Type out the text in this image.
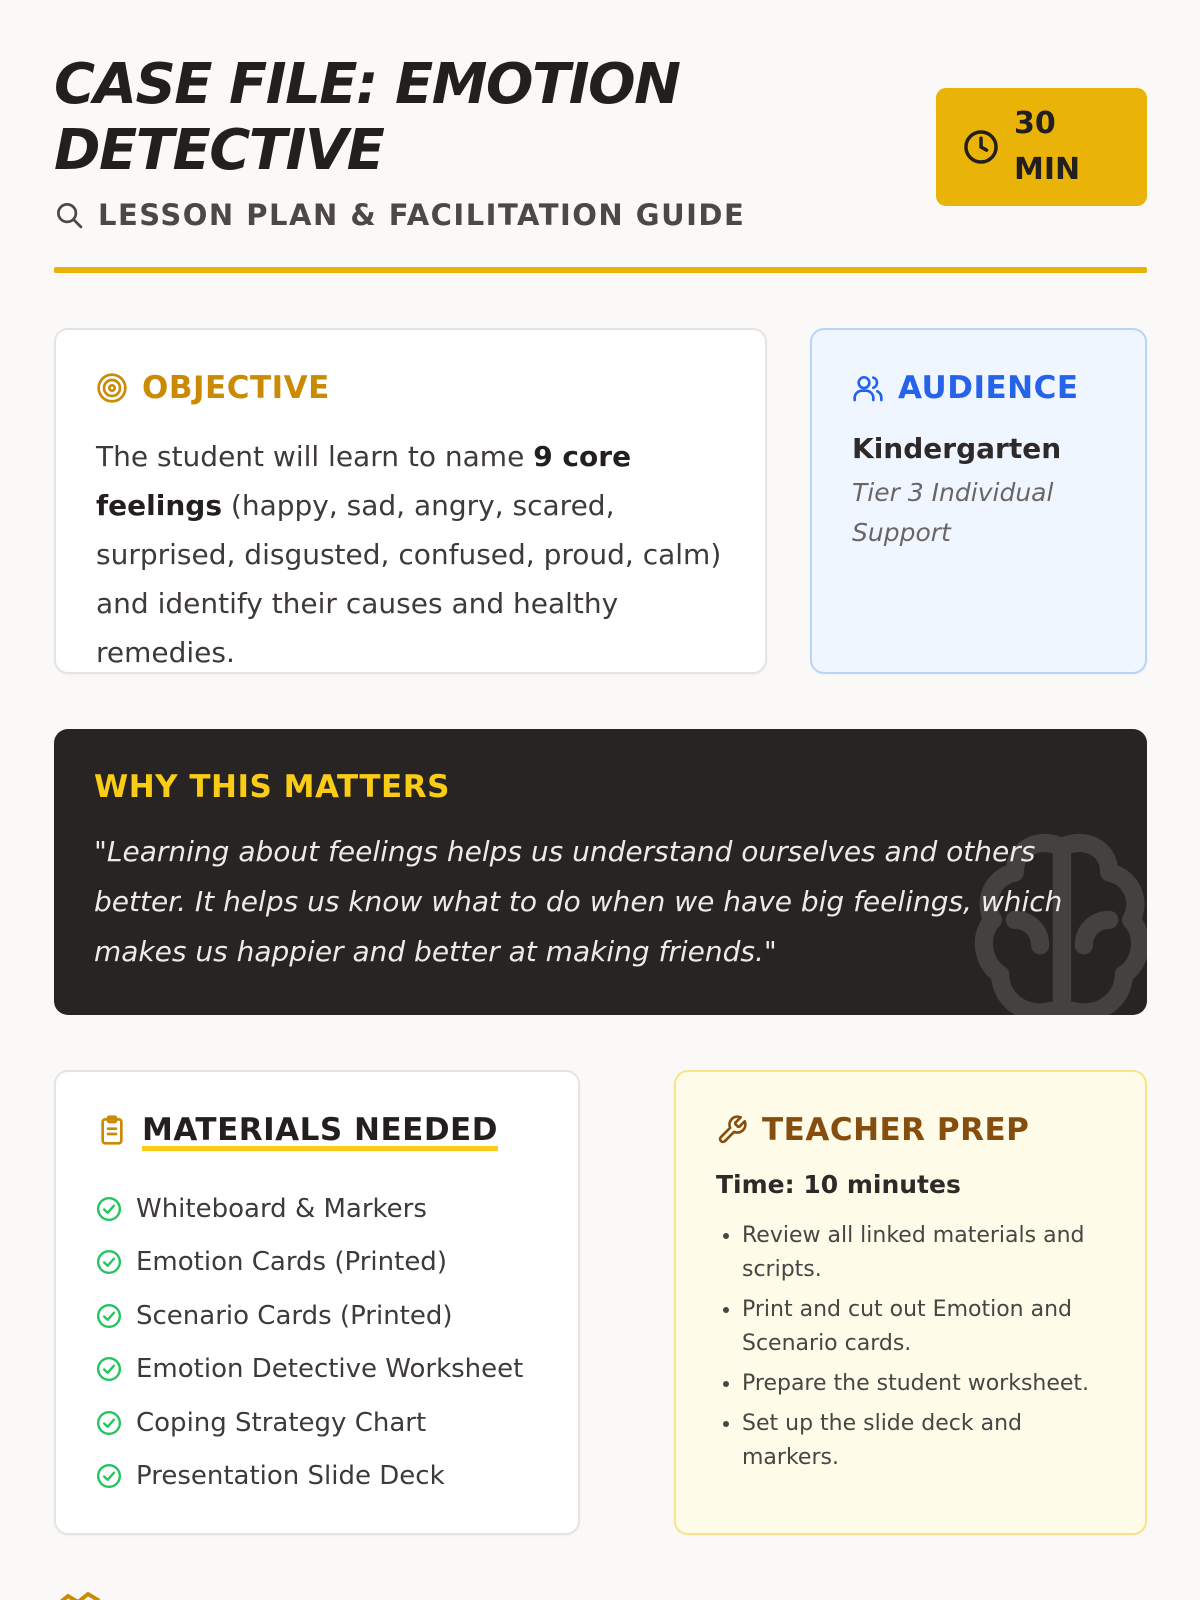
CASE FILE: EMOTION DETECTIVE
LESSON PLAN & FACILITATION GUIDE
30 MIN
OBJECTIVE

The student will learn to name 9 core feelings (happy, sad, angry, scared, surprised, disgusted, confused, proud, calm) and identify their causes and healthy remedies.

AUDIENCE
Kindergarten
Tier 3 Individual Support
WHY THIS MATTERS

"Learning about feelings helps us understand ourselves and others better. It helps us know what to do when we have big feelings, which makes us happier and better at making friends."

MATERIALS NEEDED
Whiteboard & Markers
Emotion Cards (Printed)
Scenario Cards (Printed)
Emotion Detective Worksheet
Coping Strategy Chart
Presentation Slide Deck
TEACHER PREP
Time: 10 minutes
• Review all linked materials and scripts.
• Print and cut out Emotion and Scenario cards.
• Prepare the student worksheet.
• Set up the slide deck and markers.
